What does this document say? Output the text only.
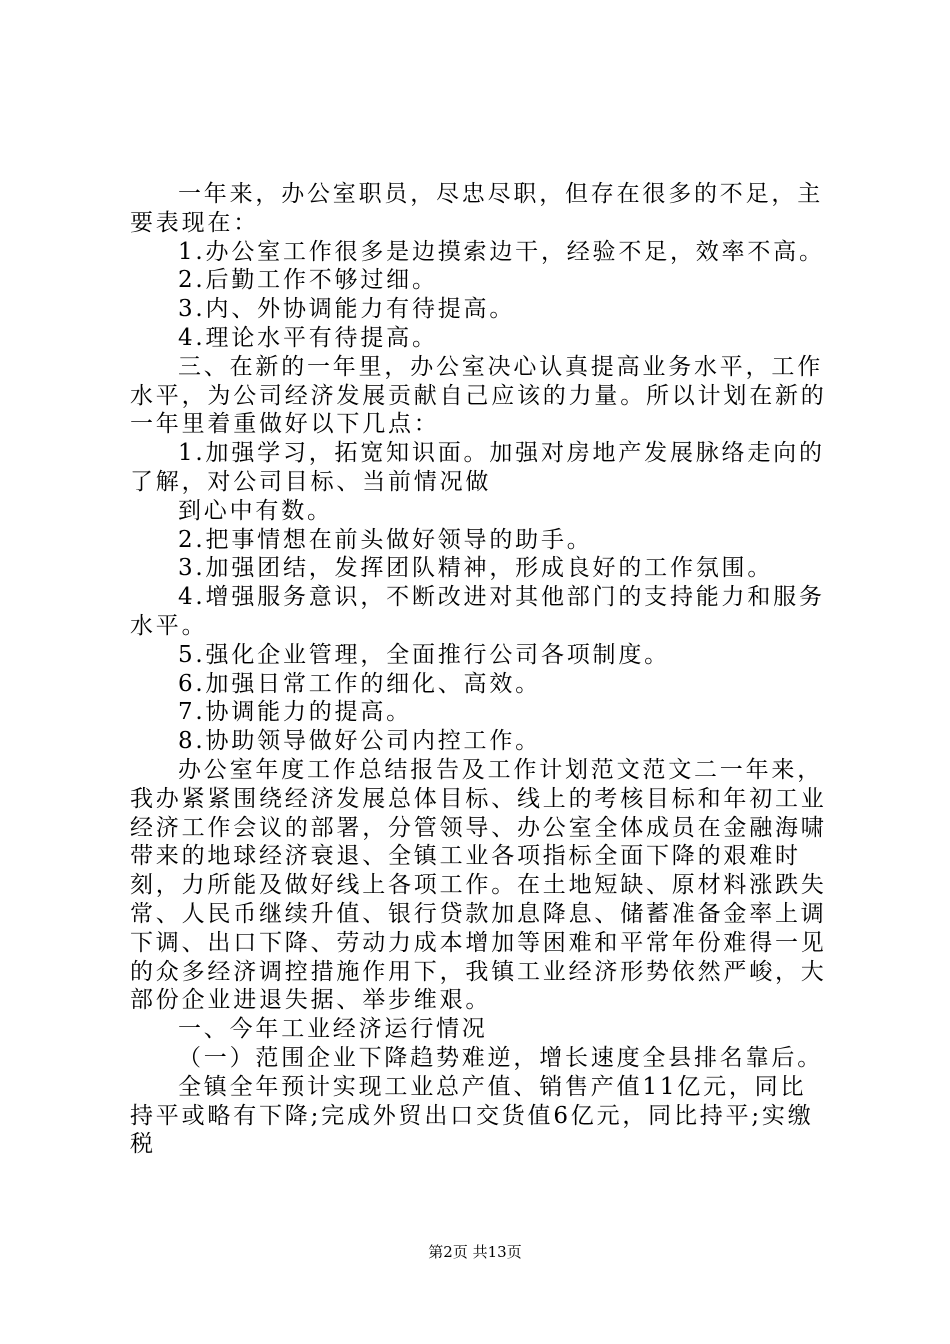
一年来，办公室职员，尽忠尽职，但存在很多的不足，主要表现在：

1.办公室工作很多是边摸索边干，经验不足，效率不高。

2.后勤工作不够过细。

3.内、外协调能力有待提高。

4.理论水平有待提高。

三、在新的一年里，办公室决心认真提高业务水平，工作水平，为公司经济发展贡献自己应该的力量。所以计划在新的一年里着重做好以下几点：

1.加强学习，拓宽知识面。加强对房地产发展脉络走向的了解，对公司目标、当前情况做

到心中有数。

2.把事情想在前头做好领导的助手。

3.加强团结，发挥团队精神，形成良好的工作氛围。

4.增强服务意识，不断改进对其他部门的支持能力和服务水平。

5.强化企业管理，全面推行公司各项制度。

6.加强日常工作的细化、高效。

7.协调能力的提高。

8.协助领导做好公司内控工作。

办公室年度工作总结报告及工作计划范文范文二一年来，我办紧紧围绕经济发展总体目标、线上的考核目标和年初工业经济工作会议的部署，分管领导、办公室全体成员在金融海啸带来的地球经济衰退、全镇工业各项指标全面下降的艰难时刻，力所能及做好线上各项工作。在土地短缺、原材料涨跌失常、人民币继续升值、银行贷款加息降息、储蓄准备金率上调下调、出口下降、劳动力成本增加等困难和平常年份难得一见的众多经济调控措施作用下，我镇工业经济形势依然严峻，大部份企业进退失据、举步维艰。

一、今年工业经济运行情况

（一）范围企业下降趋势难逆，增长速度全县排名靠后。

全镇全年预计实现工业总产值、销售产值11亿元，同比持平或略有下降;完成外贸出口交货值6亿元，同比持平;实缴税

第2页 共13页
